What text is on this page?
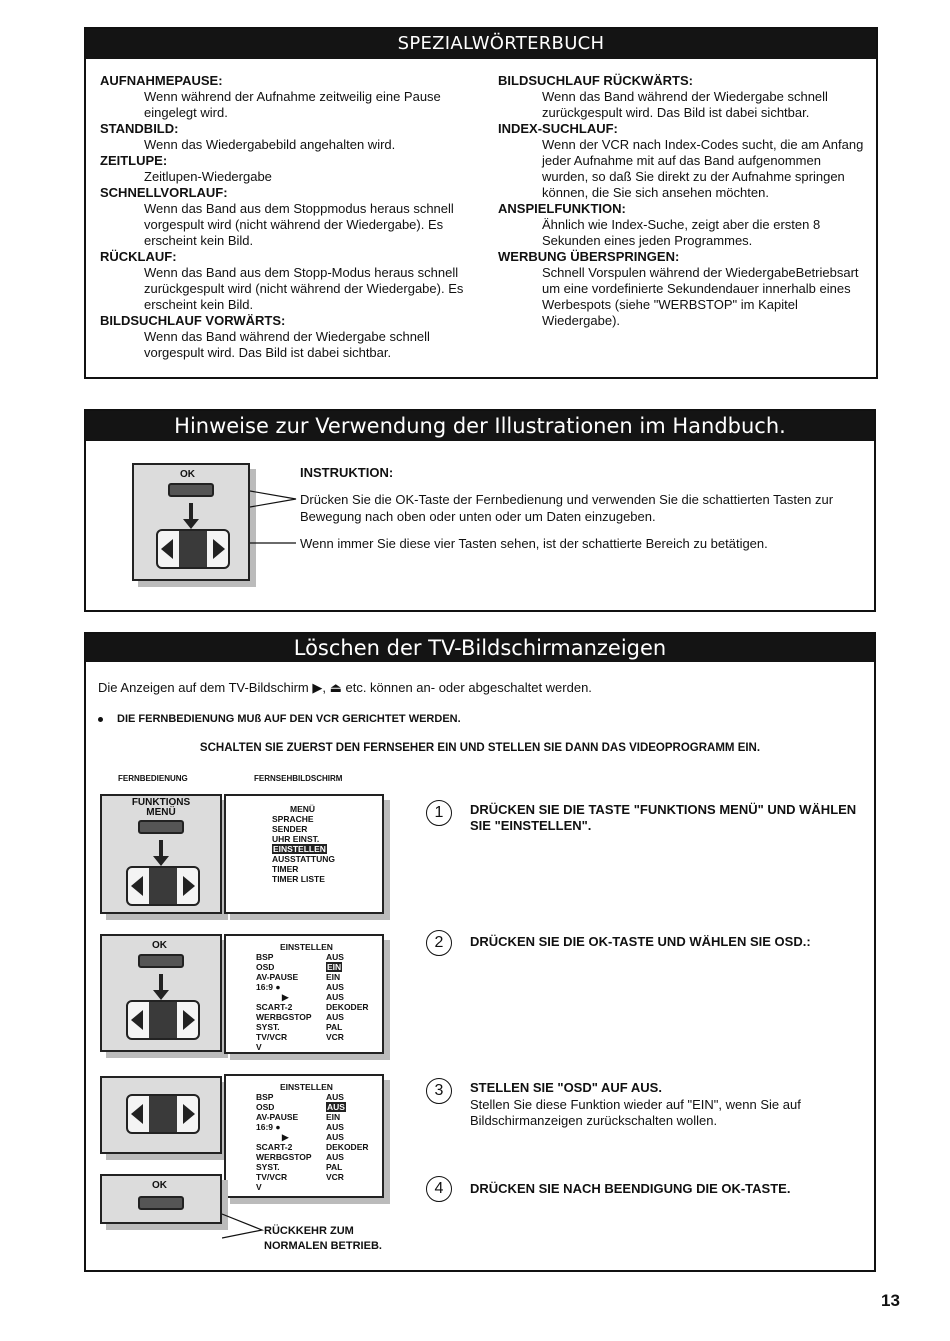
SPEZIALWÖRTERBUCH
AUFNAHMEPAUSE:
Wenn während der Aufnahme zeitweilig eine Pause eingelegt wird.
STANDBILD:
Wenn das Wiedergabebild angehalten wird.
ZEITLUPE:
Zeitlupen-Wiedergabe
SCHNELLVORLAUF:
Wenn das Band aus dem Stoppmodus heraus schnell vorgespult wird (nicht während der Wiedergabe). Es erscheint kein Bild.
RÜCKLAUF:
Wenn das Band aus dem Stopp-Modus heraus schnell zurückgespult wird (nicht während der Wiedergabe). Es erscheint kein Bild.
BILDSUCHLAUF VORWÄRTS:
Wenn das Band während der Wiedergabe schnell vorgespult wird. Das Bild ist dabei sichtbar.
BILDSUCHLAUF RÜCKWÄRTS:
Wenn das Band während der Wiedergabe schnell zurückgespult wird. Das Bild ist dabei sichtbar.
INDEX-SUCHLAUF:
Wenn der VCR nach Index-Codes sucht, die am Anfang jeder Aufnahme mit auf das Band aufgenommen wurden, so daß Sie direkt zu der Aufnahme springen können, die Sie sich ansehen möchten.
ANSPIELFUNKTION:
Ähnlich wie Index-Suche, zeigt aber die ersten 8 Sekunden eines jeden Programmes.
WERBUNG ÜBERSPRINGEN:
Schnell Vorspulen während der WiedergabeBetriebsart um eine vordefinierte Sekundendauer innerhalb eines Werbespots (siehe "WERBSTOP" im Kapitel Wiedergabe).
Hinweise zur Verwendung der Illustrationen im Handbuch.
OK	INSTRUKTION:
Drücken Sie die OK-Taste der Fernbedienung und verwenden Sie die schattierten Tasten zur Bewegung nach oben oder unten oder um Daten einzugeben.
Wenn immer Sie diese vier Tasten sehen, ist der schattierte Bereich zu betätigen.
Löschen der TV-Bildschirmanzeigen
Die Anzeigen auf dem TV-Bildschirm ▶, ⏏ etc. können an- oder abgeschaltet werden.
DIE FERNBEDIENUNG MUß AUF DEN VCR GERICHTET WERDEN.
SCHALTEN SIE ZUERST DEN FERNSEHER EIN UND STELLEN SIE DANN DAS VIDEOPROGRAMM EIN.
FERNBEDIENUNG	FERNSEHBILDSCHIRM
FUNKTIONS MENÜ	MENÜ
SPRACHE
SENDER
UHR EINST.
EINSTELLEN
AUSSTATTUNG
TIMER
TIMER LISTE
OK	EINSTELLEN
BSP	AUS
OSD	EIN
AV-PAUSE	EIN
16:9 ●	AUS
▶	AUS
SCART-2	DEKODER
WERBGSTOP	AUS
SYST.	PAL
TV/VCR	VCR
V
EINSTELLEN
BSP	AUS
OSD	AUS
AV-PAUSE	EIN
16:9 ●	AUS
▶	AUS
SCART-2	DEKODER
WERBGSTOP	AUS
SYST.	PAL
TV/VCR	VCR
V
OK
RÜCKKEHR ZUM NORMALEN BETRIEB.
1	DRÜCKEN SIE DIE TASTE "FUNKTIONS MENÜ" UND WÄHLEN SIE "EINSTELLEN".
2	DRÜCKEN SIE DIE OK-TASTE UND WÄHLEN SIE OSD.:
3	STELLEN SIE "OSD" AUF AUS.
Stellen Sie diese Funktion wieder auf "EIN", wenn Sie auf Bildschirmanzeigen zurückschalten wollen.
4	DRÜCKEN SIE NACH BEENDIGUNG DIE OK-TASTE.
13
